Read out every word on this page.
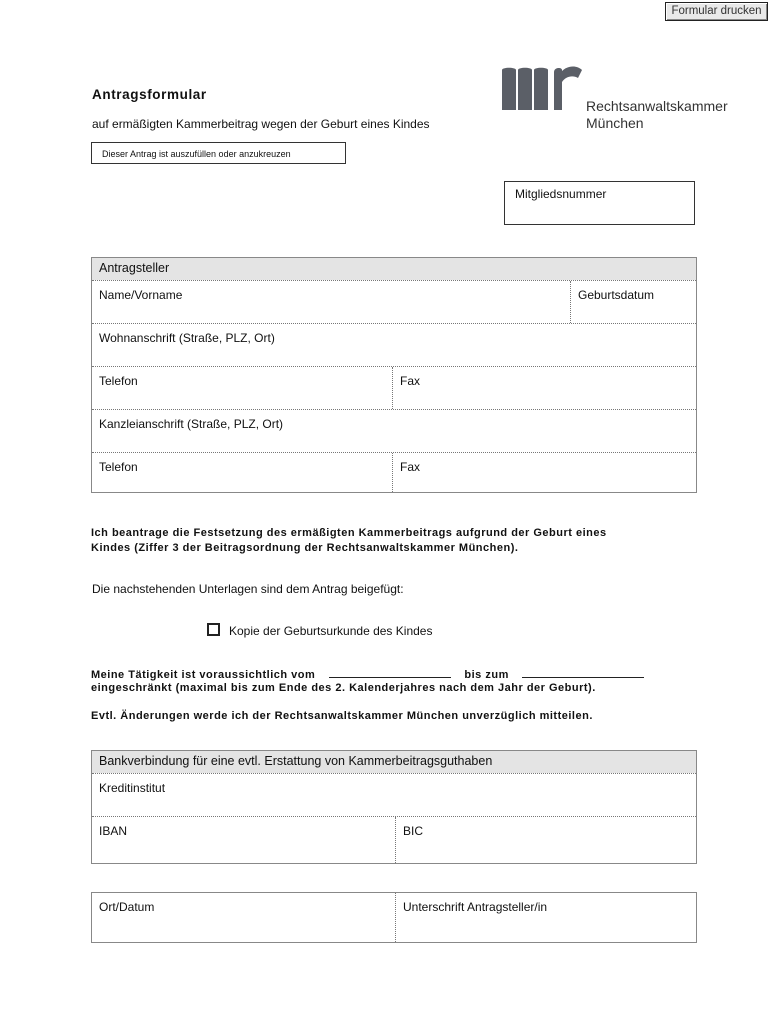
Formular drucken
Antragsformular
auf ermäßigten Kammerbeitrag wegen der Geburt eines Kindes
Dieser Antrag ist auszufüllen oder anzukreuzen
Rechtsanwaltskammer
München
Mitgliedsnummer
Antragsteller
Name/Vorname	Geburtsdatum
Wohnanschrift (Straße, PLZ, Ort)
Telefon	Fax
Kanzleianschrift (Straße, PLZ, Ort)
Telefon	Fax
Ich beantrage die Festsetzung des ermäßigten Kammerbeitrags aufgrund der Geburt eines
Kindes (Ziffer 3 der Beitragsordnung der Rechtsanwaltskammer München).
Die nachstehenden Unterlagen sind dem Antrag beigefügt:
Kopie der Geburtsurkunde des Kindes
Meine Tätigkeit ist voraussichtlich vom	bis zum
eingeschränkt (maximal bis zum Ende des 2. Kalenderjahres nach dem Jahr der Geburt).
Evtl. Änderungen werde ich der Rechtsanwaltskammer München unverzüglich mitteilen.
Bankverbindung für eine evtl. Erstattung von Kammerbeitragsguthaben
Kreditinstitut
IBAN	BIC
Ort/Datum	Unterschrift Antragsteller/in
